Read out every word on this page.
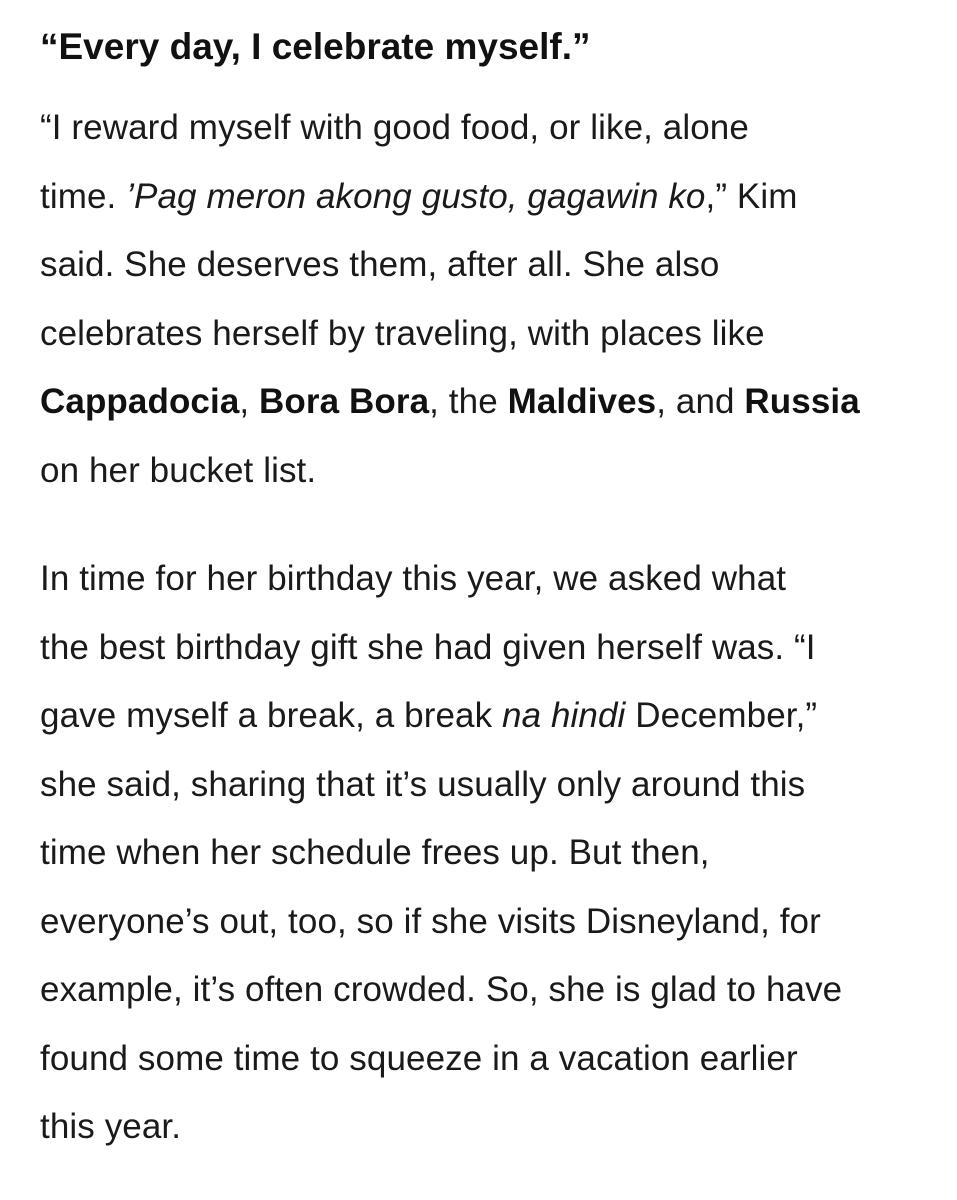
“Every day, I celebrate myself.”

“I reward myself with good food, or like, alone
time. ’Pag meron akong gusto, gagawin ko,” Kim
said. She deserves them, after all. She also
celebrates herself by traveling, with places like
Cappadocia, Bora Bora, the Maldives, and Russia
on her bucket list.

In time for her birthday this year, we asked what
the best birthday gift she had given herself was. “I
gave myself a break, a break na hindi December,”
she said, sharing that it’s usually only around this
time when her schedule frees up. But then,
everyone’s out, too, so if she visits Disneyland, for
example, it’s often crowded. So, she is glad to have
found some time to squeeze in a vacation earlier
this year.
